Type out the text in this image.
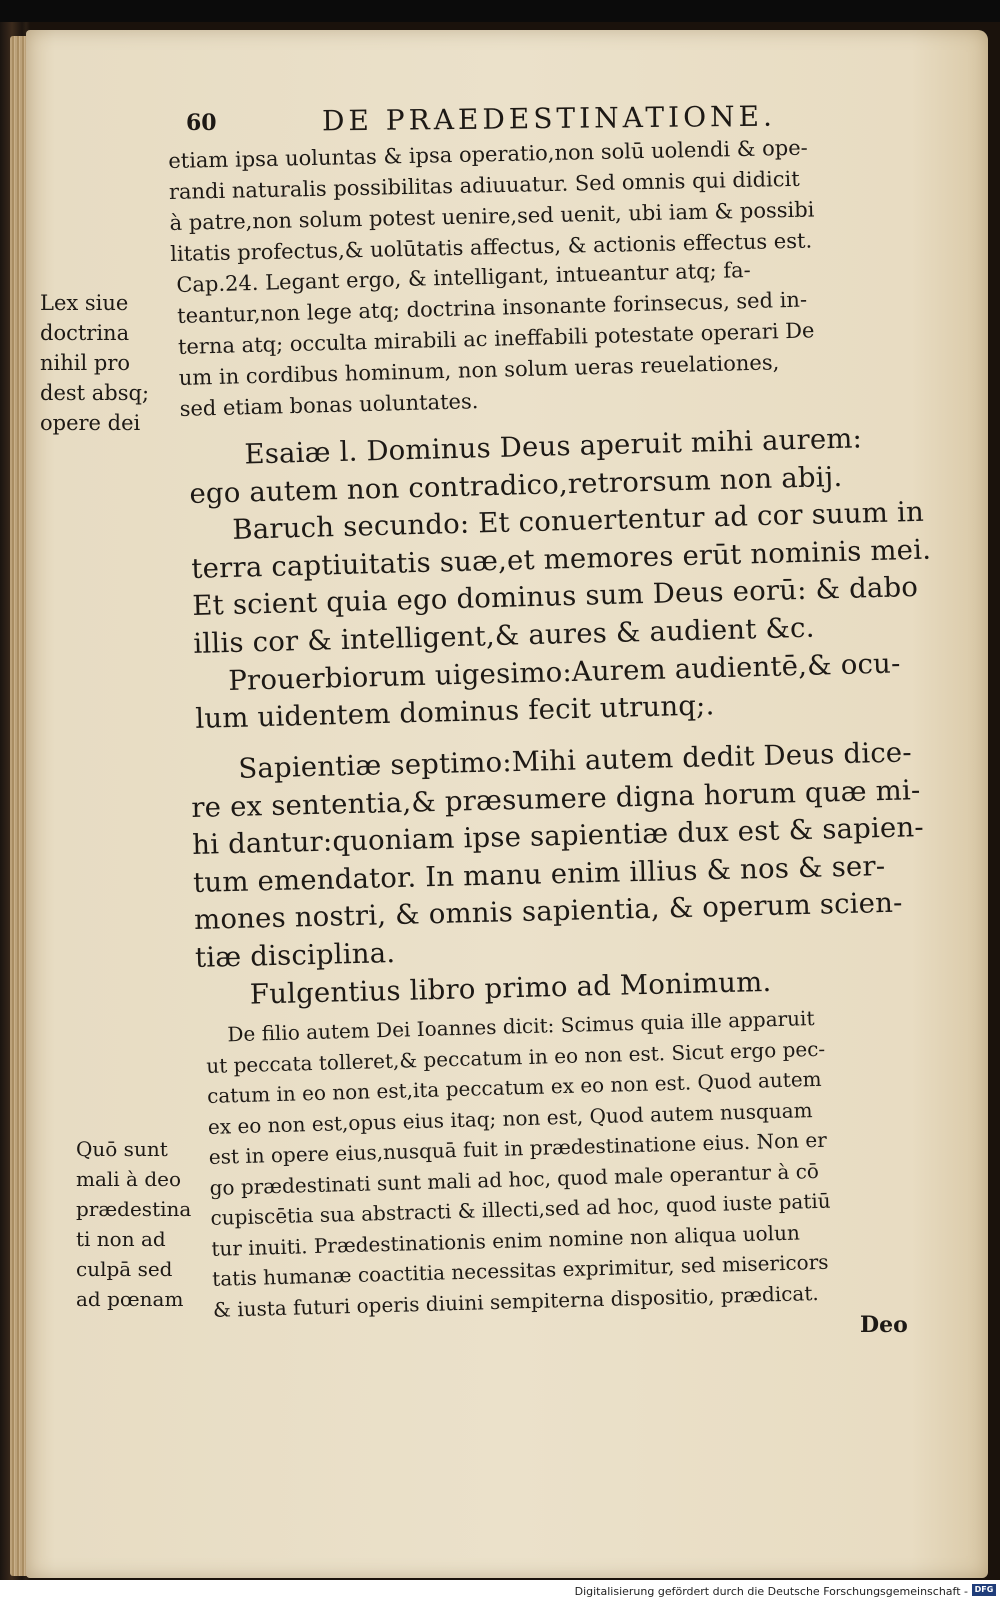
60	DE PRAEDESTINATIONE.
etiam ipsa uoluntas & ipsa operatio,non solū uolendi & ope-
randi naturalis possibilitas adiuuatur. Sed omnis qui didicit
à patre,non solum potest uenire,sed uenit, ubi iam & possibi
litatis profectus,& uolūtatis affectus, & actionis effectus est.
Cap.24. Legant ergo, & intelligant, intueantur atq; fa-
teantur,non lege atq; doctrina insonante forinsecus, sed in-
terna atq; occulta mirabili ac ineffabili potestate operari De
um in cordibus hominum, non solum ueras reuelationes,
sed etiam bonas uoluntates.
Lex siue
doctrina
nihil pro
dest absq;
opere dei	Esaiæ l. Dominus Deus aperuit mihi aurem:
ego autem non contradico,retrorsum non abij.
Baruch secundo: Et conuertentur ad cor suum in
terra captiuitatis suæ,et memores erūt nominis mei.
Et scient quia ego dominus sum Deus eorū: & dabo
illis cor & intelligent,& aures & audient &c.
Prouerbiorum uigesimo:Aurem audientē,& ocu-
lum uidentem dominus fecit utrunq;.
Sapientiæ septimo:Mihi autem dedit Deus dice-
re ex sententia,& præsumere digna horum quæ mi-
hi dantur:quoniam ipse sapientiæ dux est & sapien-
tum emendator. In manu enim illius & nos & ser-
mones nostri, & omnis sapientia, & operum scien-
tiæ disciplina.
Fulgentius libro primo ad Monimum.
De filio autem Dei Ioannes dicit: Scimus quia ille apparuit
ut peccata tolleret,& peccatum in eo non est. Sicut ergo pec-
catum in eo non est,ita peccatum ex eo non est. Quod autem
ex eo non est,opus eius itaq; non est, Quod autem nusquam
est in opere eius,nusquā fuit in prædestinatione eius. Non er
go prædestinati sunt mali ad hoc, quod male operantur à cō
cupiscētia sua abstracti & illecti,sed ad hoc, quod iuste patiū
tur inuiti. Prædestinationis enim nomine non aliqua uolun
tatis humanæ coactitia necessitas exprimitur, sed misericors
& iusta futuri operis diuini sempiterna dispositio, prædicat.
Quō sunt
mali à deo
prædestina
ti non ad
culpā sed
ad pœnam
Deo
Digitalisierung gefördert durch die Deutsche Forschungsgemeinschaft - DFG
